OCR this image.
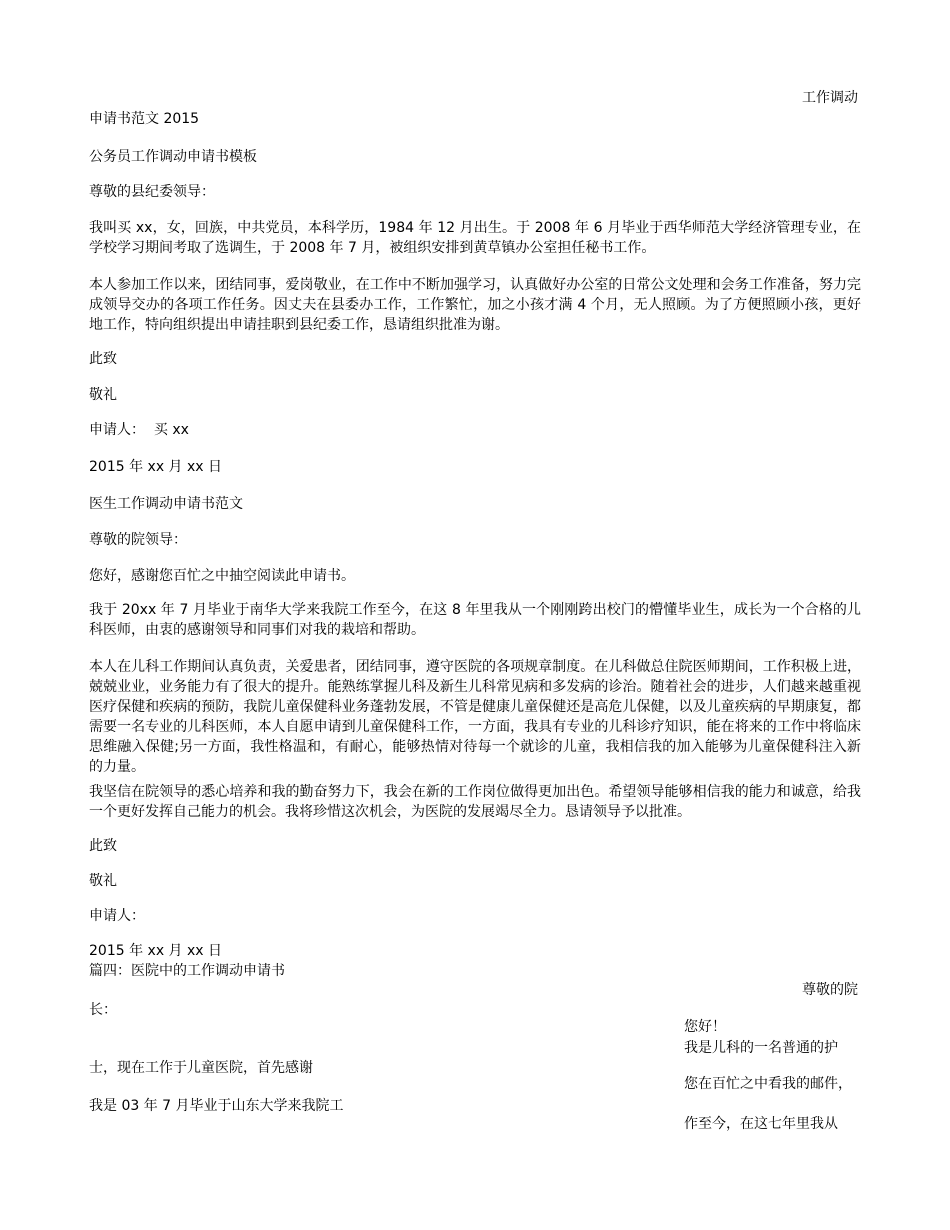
工作调动
申请书范文 2015
公务员工作调动申请书模板
尊敬的县纪委领导：
我叫买 xx，女，回族，中共党员，本科学历，1984 年 12 月出生。于 2008 年 6 月毕业于西华师范大学经济管理专业，在学校学习期间考取了选调生，于 2008 年 7 月，被组织安排到黄草镇办公室担任秘书工作。
本人参加工作以来，团结同事，爱岗敬业，在工作中不断加强学习，认真做好办公室的日常公文处理和会务工作准备，努力完成领导交办的各项工作任务。因丈夫在县委办工作，工作繁忙，加之小孩才满 4 个月，无人照顾。为了方便照顾小孩，更好地工作，特向组织提出申请挂职到县纪委工作，恳请组织批准为谢。
此致
敬礼
申请人：  买 xx
2015 年 xx 月 xx 日
医生工作调动申请书范文
尊敬的院领导：
您好，感谢您百忙之中抽空阅读此申请书。
我于 20xx 年 7 月毕业于南华大学来我院工作至今，在这 8 年里我从一个刚刚跨出校门的懵懂毕业生，成长为一个合格的儿科医师，由衷的感谢领导和同事们对我的栽培和帮助。
本人在儿科工作期间认真负责，关爱患者，团结同事，遵守医院的各项规章制度。在儿科做总住院医师期间，工作积极上进，兢兢业业，业务能力有了很大的提升。能熟练掌握儿科及新生儿科常见病和多发病的诊治。随着社会的进步，人们越来越重视医疗保健和疾病的预防，我院儿童保健科业务蓬勃发展，不管是健康儿童保健还是高危儿保健，以及儿童疾病的早期康复，都需要一名专业的儿科医师，本人自愿申请到儿童保健科工作，一方面，我具有专业的儿科诊疗知识，能在将来的工作中将临床思维融入保健;另一方面，我性格温和，有耐心，能够热情对待每一个就诊的儿童，我相信我的加入能够为儿童保健科注入新的力量。
我坚信在院领导的悉心培养和我的勤奋努力下，我会在新的工作岗位做得更加出色。希望领导能够相信我的能力和诚意，给我一个更好发挥自己能力的机会。我将珍惜这次机会，为医院的发展竭尽全力。恳请领导予以批准。
此致
敬礼
申请人：
2015 年 xx 月 xx 日
篇四：医院中的工作调动申请书
尊敬的院
长：
您好！
我是儿科的一名普通的护
士，现在工作于儿童医院，首先感谢
您在百忙之中看我的邮件，
我是 03 年 7 月毕业于山东大学来我院工
作至今，在这七年里我从
